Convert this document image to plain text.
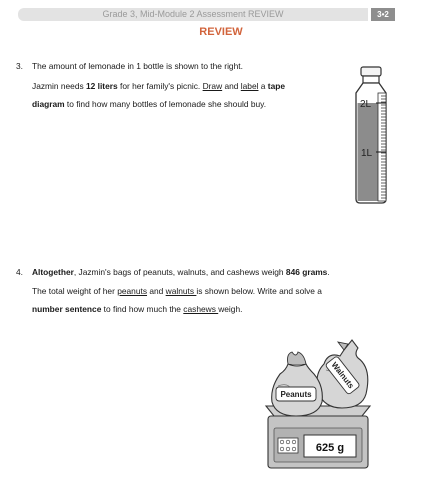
Grade 3, Mid-Module 2 Assessment REVIEW	3•2
REVIEW
3. The amount of lemonade in 1 bottle is shown to the right.
Jazmin needs 12 liters for her family's picnic. Draw and label a tape
diagram to find how many bottles of lemonade she should buy.	2L
1L
4. Altogether, Jazmin's bags of peanuts, walnuts, and cashews weigh 846 grams.
The total weight of her peanuts and walnuts is shown below. Write and solve a
number sentence to find how much the cashews weigh.
Walnuts
Peanuts
625 g
